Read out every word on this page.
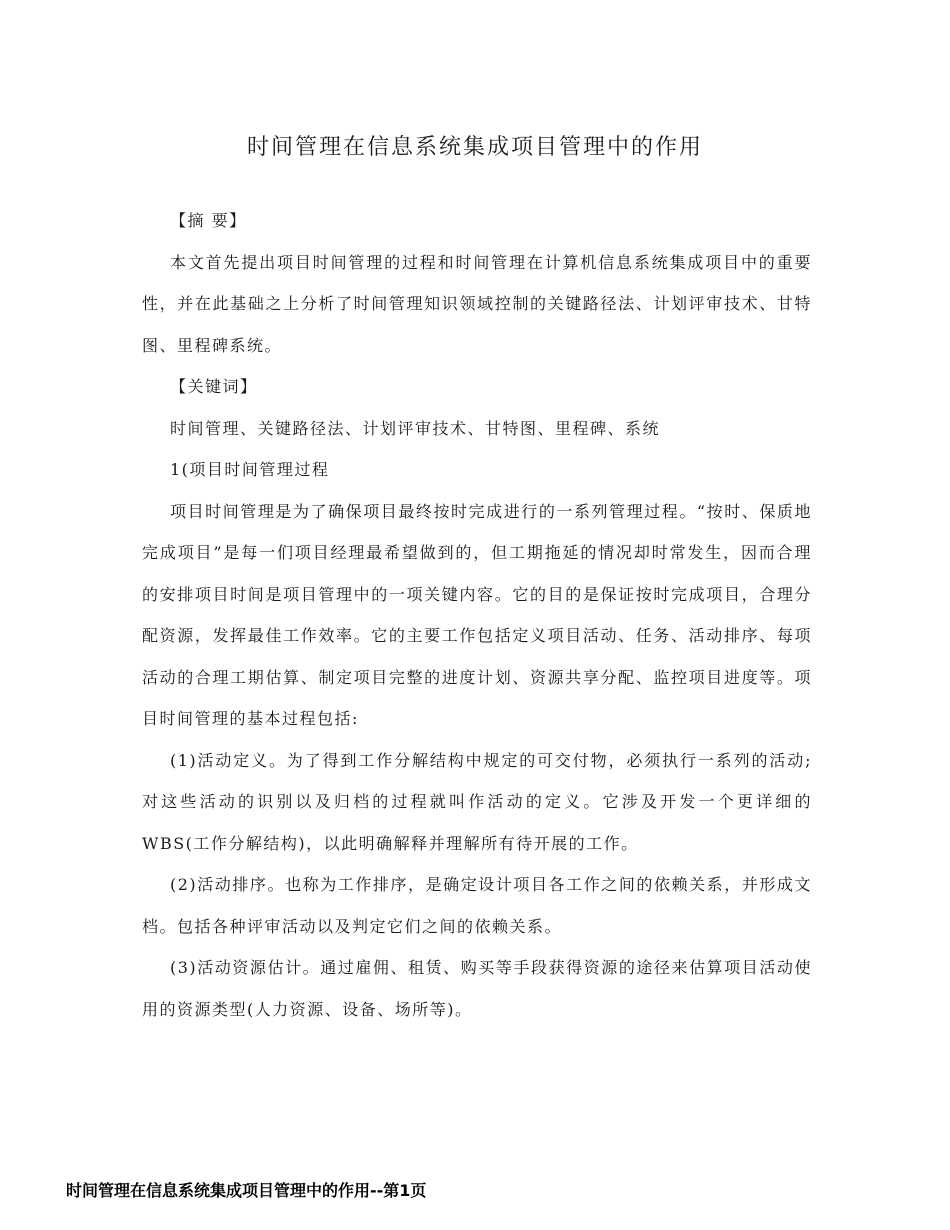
时间管理在信息系统集成项目管理中的作用

【摘 要】

本文首先提出项目时间管理的过程和时间管理在计算机信息系统集成项目中的重要性，并在此基础之上分析了时间管理知识领域控制的关键路径法、计划评审技术、甘特图、里程碑系统。

【关键词】

时间管理、关键路径法、计划评审技术、甘特图、里程碑、系统

1(项目时间管理过程

项目时间管理是为了确保项目最终按时完成进行的一系列管理过程。“按时、保质地完成项目”是每一们项目经理最希望做到的，但工期拖延的情况却时常发生，因而合理的安排项目时间是项目管理中的一项关键内容。它的目的是保证按时完成项目，合理分配资源，发挥最佳工作效率。它的主要工作包括定义项目活动、任务、活动排序、每项活动的合理工期估算、制定项目完整的进度计划、资源共享分配、监控项目进度等。项目时间管理的基本过程包括:

(1)活动定义。为了得到工作分解结构中规定的可交付物，必须执行一系列的活动;对这些活动的识别以及归档的过程就叫作活动的定义。它涉及开发一个更详细的WBS(工作分解结构)，以此明确解释并理解所有待开展的工作。

(2)活动排序。也称为工作排序，是确定设计项目各工作之间的依赖关系，并形成文档。包括各种评审活动以及判定它们之间的依赖关系。

(3)活动资源估计。通过雇佣、租赁、购买等手段获得资源的途径来估算项目活动使用的资源类型(人力资源、设备、场所等)。

时间管理在信息系统集成项目管理中的作用--第1页
